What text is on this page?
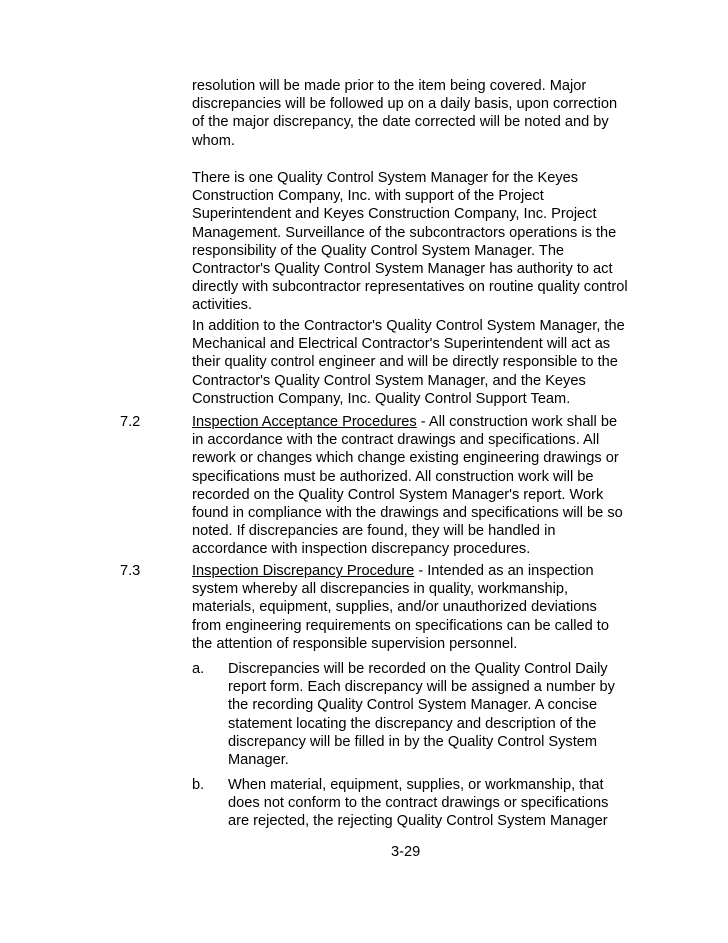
resolution will be made prior to the item being covered. Major
discrepancies will be followed up on a daily basis, upon correction
of the major discrepancy, the date corrected will be noted and by
whom.
There is one Quality Control System Manager for the Keyes
Construction Company, Inc. with support of the Project
Superintendent and Keyes Construction Company, Inc. Project
Management. Surveillance of the subcontractors operations is the
responsibility of the Quality Control System Manager. The
Contractor's Quality Control System Manager has authority to act
directly with subcontractor representatives on routine quality control
activities.
In addition to the Contractor's Quality Control System Manager, the
Mechanical and Electrical Contractor's Superintendent will act as
their quality control engineer and will be directly responsible to the
Contractor's Quality Control System Manager, and the Keyes
Construction Company, Inc. Quality Control Support Team.
7.2	Inspection Acceptance Procedures - All construction work shall be
in accordance with the contract drawings and specifications. All
rework or changes which change existing engineering drawings or
specifications must be authorized. All construction work will be
recorded on the Quality Control System Manager's report. Work
found in compliance with the drawings and specifications will be so
noted. If discrepancies are found, they will be handled in
accordance with inspection discrepancy procedures.
7.3	Inspection Discrepancy Procedure - Intended as an inspection
system whereby all discrepancies in quality, workmanship,
materials, equipment, supplies, and/or unauthorized deviations
from engineering requirements on specifications can be called to
the attention of responsible supervision personnel.
a. Discrepancies will be recorded on the Quality Control Daily
report form. Each discrepancy will be assigned a number by
the recording Quality Control System Manager. A concise
statement locating the discrepancy and description of the
discrepancy will be filled in by the Quality Control System
Manager.
b. When material, equipment, supplies, or workmanship, that
does not conform to the contract drawings or specifications
are rejected, the rejecting Quality Control System Manager
3-29
